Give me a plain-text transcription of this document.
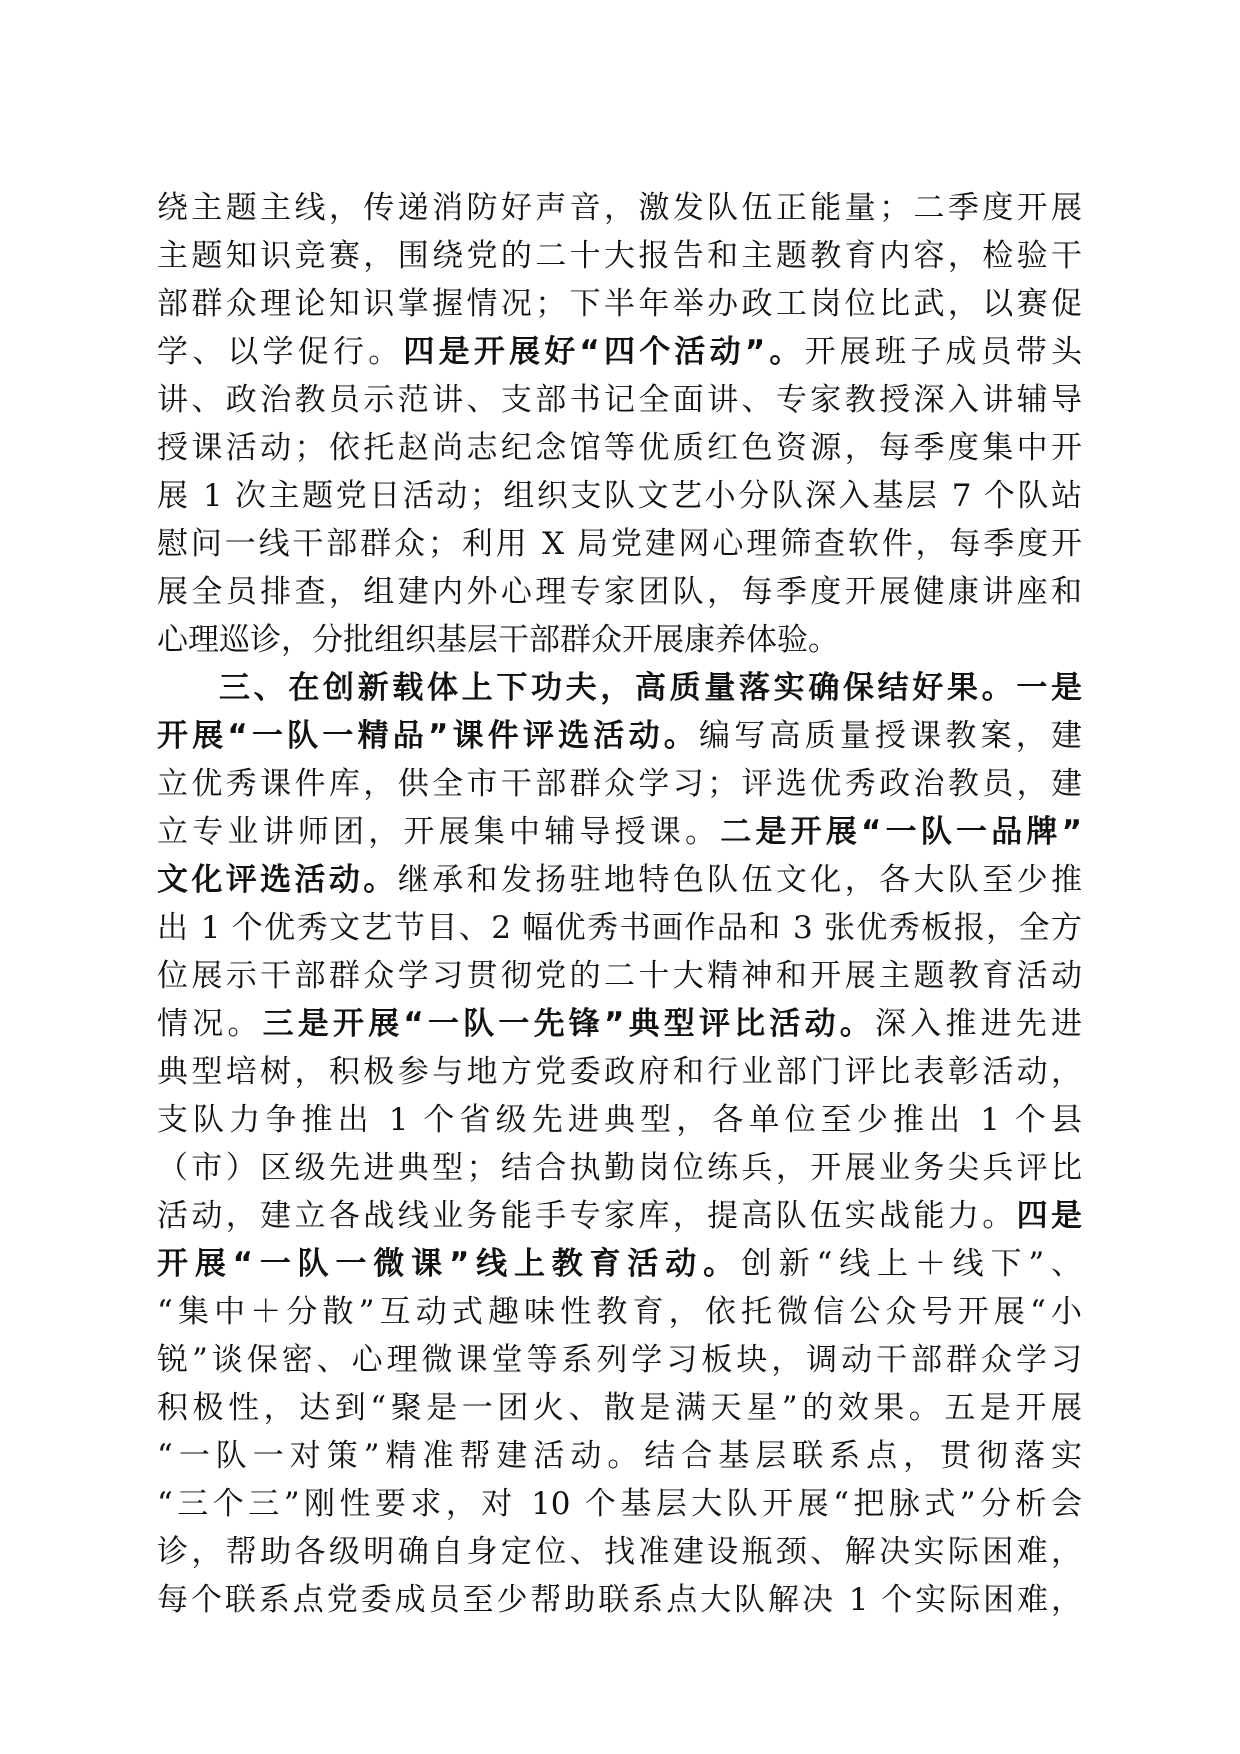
绕主题主线，传递消防好声音，激发队伍正能量；二季度开展
主题知识竞赛，围绕党的二十大报告和主题教育内容，检验干
部群众理论知识掌握情况；下半年举办政工岗位比武，以赛促
学、以学促行。四是开展好“四个活动”。开展班子成员带头
讲、政治教员示范讲、支部书记全面讲、专家教授深入讲辅导
授课活动；依托赵尚志纪念馆等优质红色资源，每季度集中开
展 1 次主题党日活动；组织支队文艺小分队深入基层 7 个队站
慰问一线干部群众；利用 X 局党建网心理筛查软件，每季度开
展全员排查，组建内外心理专家团队，每季度开展健康讲座和
心理巡诊，分批组织基层干部群众开展康养体验。
三、在创新载体上下功夫，高质量落实确保结好果。一是
开展“一队一精品”课件评选活动。编写高质量授课教案，建
立优秀课件库，供全市干部群众学习；评选优秀政治教员，建
立专业讲师团，开展集中辅导授课。二是开展“一队一品牌”
文化评选活动。继承和发扬驻地特色队伍文化，各大队至少推
出 1 个优秀文艺节目、2 幅优秀书画作品和 3 张优秀板报，全方
位展示干部群众学习贯彻党的二十大精神和开展主题教育活动
情况。三是开展“一队一先锋”典型评比活动。深入推进先进
典型培树，积极参与地方党委政府和行业部门评比表彰活动，
支队力争推出 1 个省级先进典型，各单位至少推出 1 个县
（市）区级先进典型；结合执勤岗位练兵，开展业务尖兵评比
活动，建立各战线业务能手专家库，提高队伍实战能力。四是
开展“一队一微课”线上教育活动。创新“线上＋线下”、
“集中＋分散”互动式趣味性教育，依托微信公众号开展“小
锐”谈保密、心理微课堂等系列学习板块，调动干部群众学习
积极性，达到“聚是一团火、散是满天星”的效果。五是开展
“一队一对策”精准帮建活动。结合基层联系点，贯彻落实
“三个三”刚性要求，对 10 个基层大队开展“把脉式”分析会
诊，帮助各级明确自身定位、找准建设瓶颈、解决实际困难，
每个联系点党委成员至少帮助联系点大队解决 1 个实际困难，
